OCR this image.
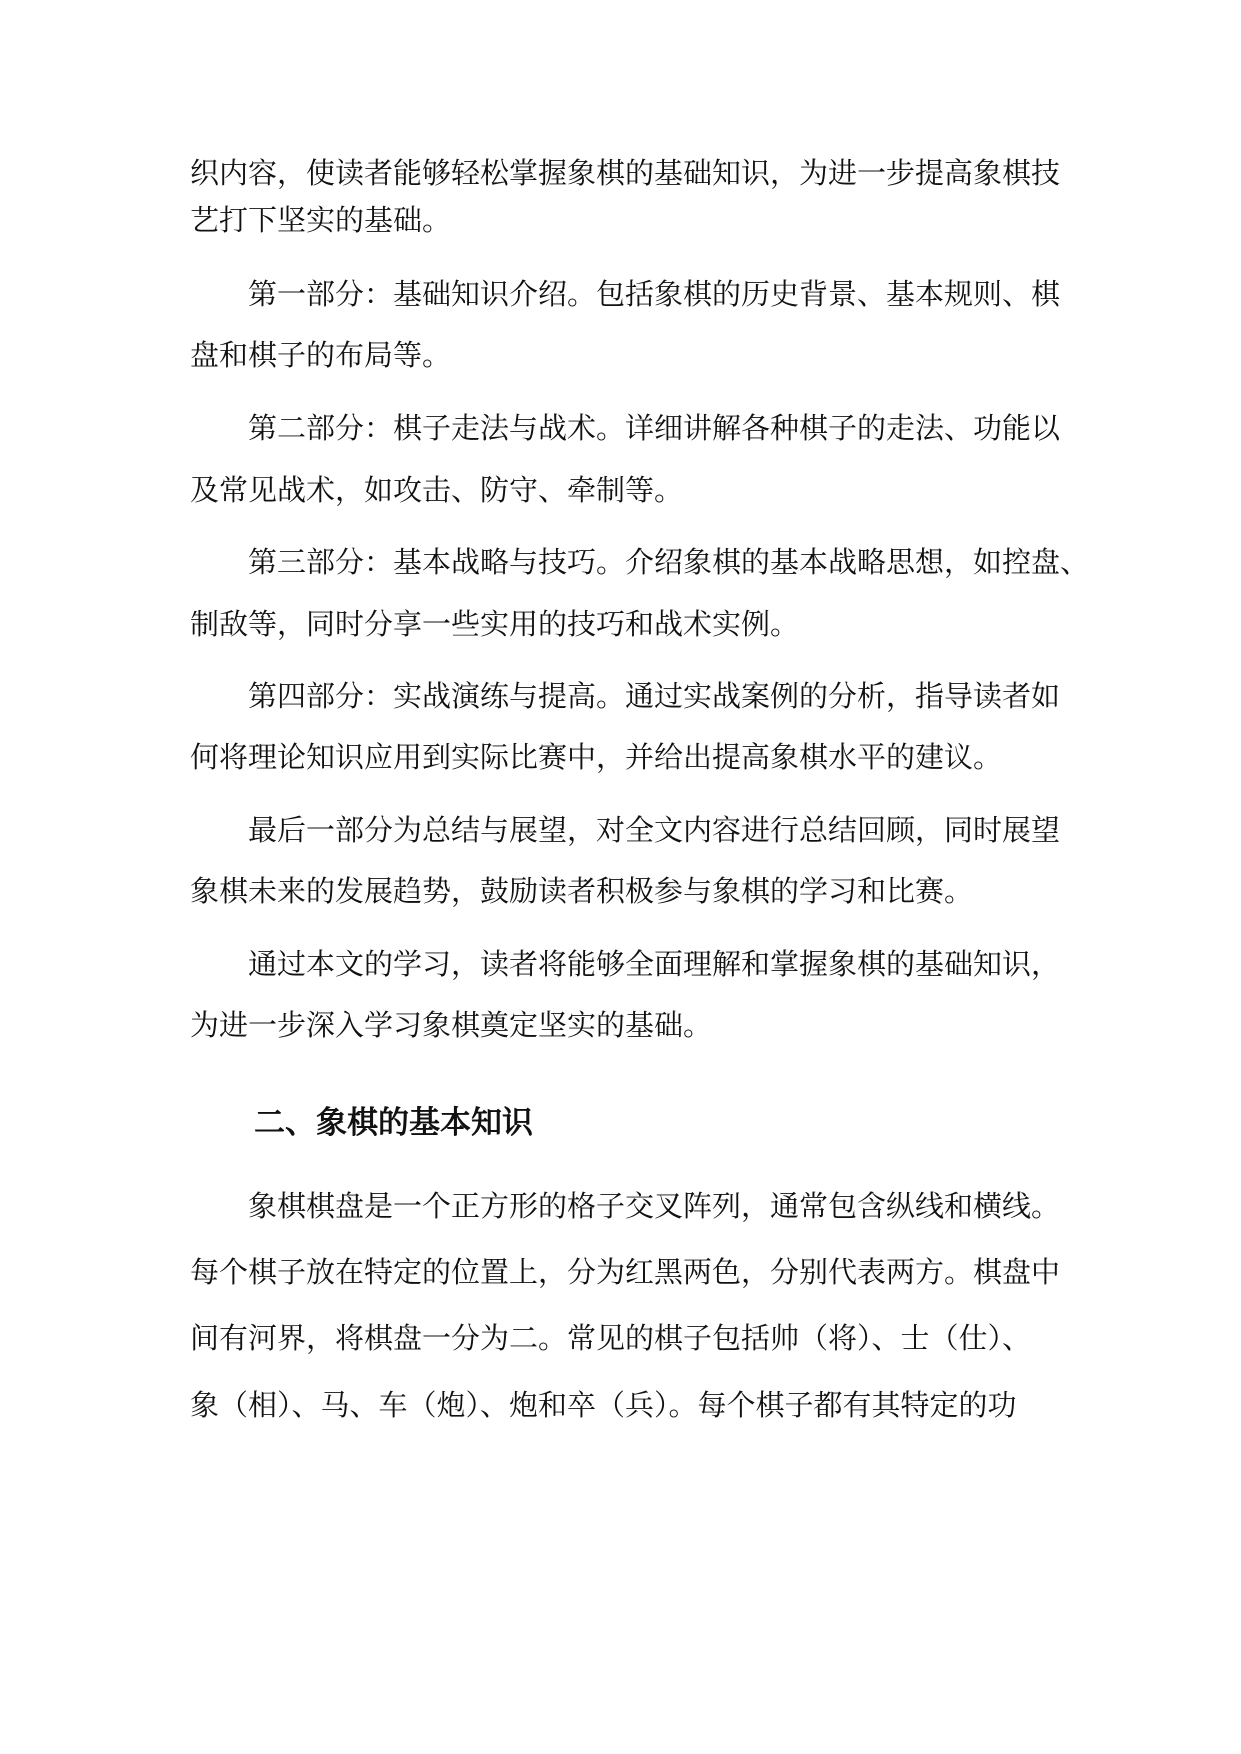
织内容，使读者能够轻松掌握象棋的基础知识，为进一步提高象棋技
艺打下坚实的基础。
第一部分：基础知识介绍。包括象棋的历史背景、基本规则、棋
盘和棋子的布局等。
第二部分：棋子走法与战术。详细讲解各种棋子的走法、功能以
及常见战术，如攻击、防守、牵制等。
第三部分：基本战略与技巧。介绍象棋的基本战略思想，如控盘、
制敌等，同时分享一些实用的技巧和战术实例。
第四部分：实战演练与提高。通过实战案例的分析，指导读者如
何将理论知识应用到实际比赛中，并给出提高象棋水平的建议。
最后一部分为总结与展望，对全文内容进行总结回顾，同时展望
象棋未来的发展趋势，鼓励读者积极参与象棋的学习和比赛。
通过本文的学习，读者将能够全面理解和掌握象棋的基础知识，
为进一步深入学习象棋奠定坚实的基础。
二、象棋的基本知识
象棋棋盘是一个正方形的格子交叉阵列，通常包含纵线和横线。
每个棋子放在特定的位置上，分为红黑两色，分别代表两方。棋盘中
间有河界，将棋盘一分为二。常见的棋子包括帅（将）、士（仕）、
象（相）、马、车（炮）、炮和卒（兵）。每个棋子都有其特定的功
